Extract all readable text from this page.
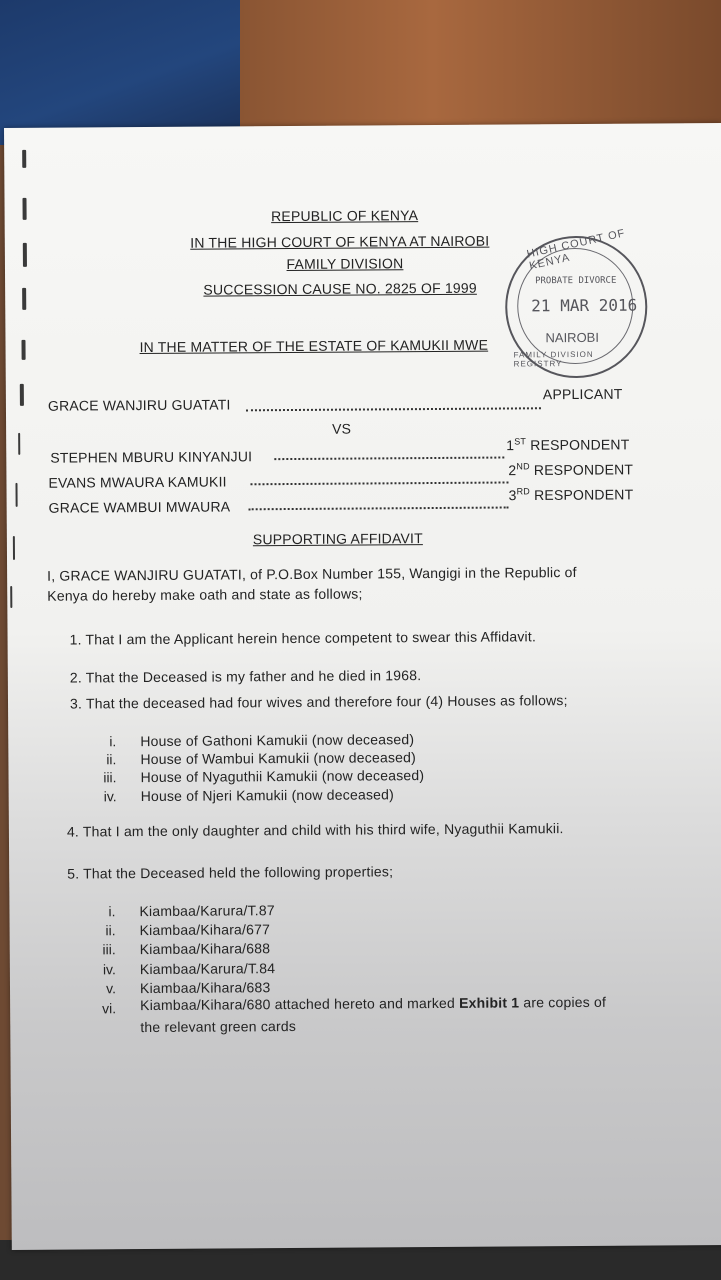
REPUBLIC OF KENYA
IN THE HIGH COURT OF KENYA AT NAIROBI
FAMILY DIVISION
SUCCESSION CAUSE NO. 2825 OF 1999
IN THE MATTER OF THE ESTATE OF KAMUKII MWE
HIGH COURT OF KENYA
PROBATE DIVORCE
21 MAR 2016
NAIROBI
FAMILY DIVISION REGISTRY
GRACE WANJIRU GUATATI
APPLICANT
VS
STEPHEN MBURU KINYANJUI
1ST RESPONDENT
EVANS MWAURA KAMUKII
2ND RESPONDENT
GRACE WAMBUI MWAURA
3RD RESPONDENT
SUPPORTING AFFIDAVIT
I, GRACE WANJIRU GUATATI, of P.O.Box Number 155, Wangigi in the Republic of
Kenya do hereby make oath and state as follows;
1. That I am the Applicant herein hence competent to swear this Affidavit.
2. That the Deceased is my father and he died in 1968.
3. That the deceased had four wives and therefore four (4) Houses as follows;
i. House of Gathoni Kamukii (now deceased)
ii. House of Wambui Kamukii (now deceased)
iii. House of Nyaguthii Kamukii (now deceased)
iv. House of Njeri Kamukii (now deceased)
4. That I am the only daughter and child with his third wife, Nyaguthii Kamukii.
5. That the Deceased held the following properties;
i. Kiambaa/Karura/T.87
ii. Kiambaa/Kihara/677
iii. Kiambaa/Kihara/688
iv. Kiambaa/Karura/T.84
v. Kiambaa/Kihara/683
vi. Kiambaa/Kihara/680 attached hereto and marked Exhibit 1 are copies of
the relevant green cards
